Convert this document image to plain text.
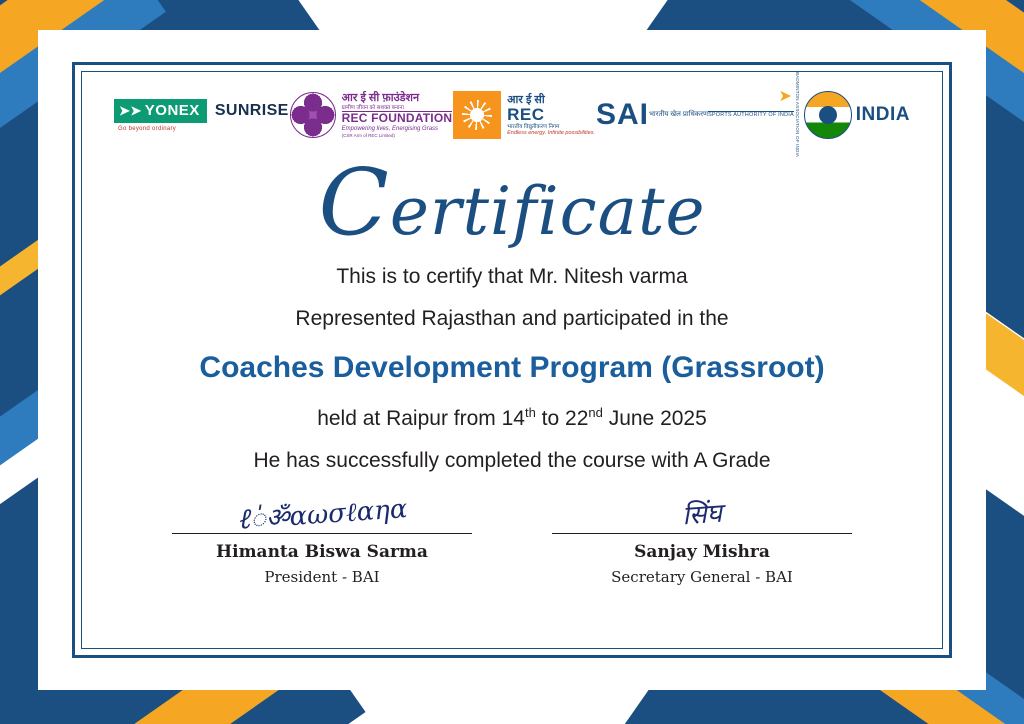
➤➤ YONEX SUNRISE
Go beyond ordinary
आर ई सी फ़ाउंडेशन
ग्रामीण जीवन को सशक्त बनाना
REC FOUNDATION
Empowering lives, Energising Grass
(CSR Arm of REC Limited)
आर ई सी
REC
भारतीय विद्युतीकरण निगम
Endless energy. Infinite possibilities.
➤
SAI भारतीय खेल प्राधिकरण SPORTS AUTHORITY OF INDIA BADMINTON ASSOCIATION OF INDIA	INDIA
Certificate
This is to certify that Mr. Nitesh varma
Represented Rajasthan and participated in the
Coaches Development Program (Grassroot)
held at Raipur from 14th to 22nd June 2025
He has successfully completed the course with A Grade
ℓ॑ॐαωσℓαηα
Himanta Biswa Sarma
President - BAI
सिंघ
Sanjay Mishra
Secretary General - BAI
